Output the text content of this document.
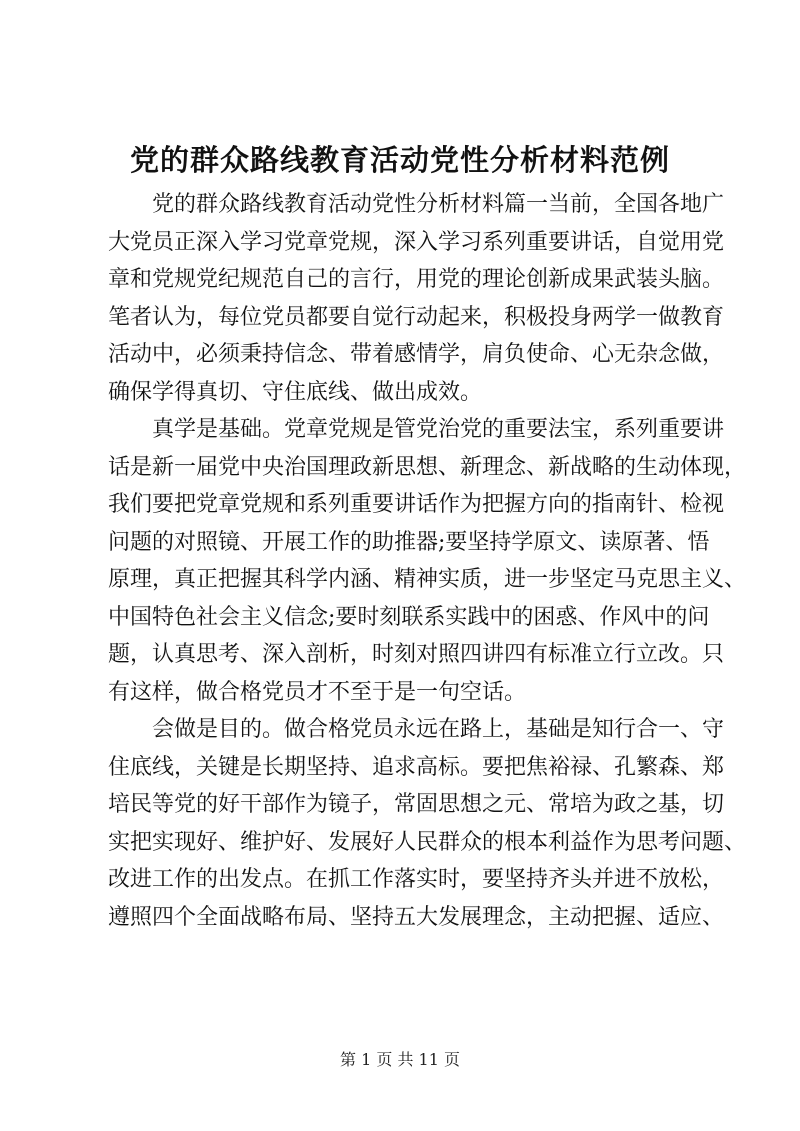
党的群众路线教育活动党性分析材料范例
党的群众路线教育活动党性分析材料篇一当前，全国各地广
大党员正深入学习党章党规，深入学习系列重要讲话，自觉用党
章和党规党纪规范自己的言行，用党的理论创新成果武装头脑。
笔者认为，每位党员都要自觉行动起来，积极投身两学一做教育
活动中，必须秉持信念、带着感情学，肩负使命、心无杂念做，
确保学得真切、守住底线、做出成效。
真学是基础。党章党规是管党治党的重要法宝，系列重要讲
话是新一届党中央治国理政新思想、新理念、新战略的生动体现，
我们要把党章党规和系列重要讲话作为把握方向的指南针、检视
问题的对照镜、开展工作的助推器;要坚持学原文、读原著、悟
原理，真正把握其科学内涵、精神实质，进一步坚定马克思主义、
中国特色社会主义信念;要时刻联系实践中的困惑、作风中的问
题，认真思考、深入剖析，时刻对照四讲四有标准立行立改。只
有这样，做合格党员才不至于是一句空话。
会做是目的。做合格党员永远在路上，基础是知行合一、守
住底线，关键是长期坚持、追求高标。要把焦裕禄、孔繁森、郑
培民等党的好干部作为镜子，常固思想之元、常培为政之基，切
实把实现好、维护好、发展好人民群众的根本利益作为思考问题、
改进工作的出发点。在抓工作落实时，要坚持齐头并进不放松，
遵照四个全面战略布局、坚持五大发展理念，主动把握、适应、
第 1 页 共 11 页
